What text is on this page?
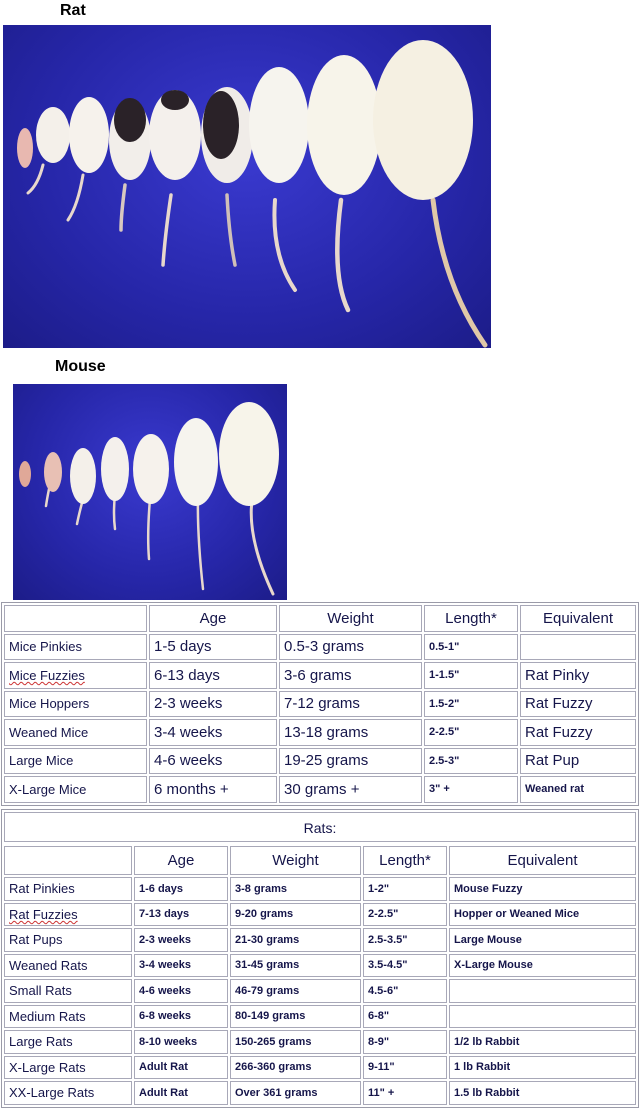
Rat
Mouse
	Age	Weight	Length*	Equivalent
Mice Pinkies	1-5 days	0.5-3 grams	0.5-1"	
Mice Fuzzies	6-13 days	3-6 grams	1-1.5"	Rat Pinky
Mice Hoppers	2-3 weeks	7-12 grams	1.5-2"	Rat Fuzzy
Weaned Mice	3-4 weeks	13-18 grams	2-2.5"	Rat Fuzzy
Large Mice	4-6 weeks	19-25 grams	2.5-3"	Rat Pup
X-Large Mice	6 months +	30 grams +	3" +	Weaned rat
Rats:
	Age	Weight	Length*	Equivalent
Rat Pinkies	1-6 days	3-8 grams	1-2"	Mouse Fuzzy
Rat Fuzzies	7-13 days	9-20 grams	2-2.5"	Hopper or Weaned Mice
Rat Pups	2-3 weeks	21-30 grams	2.5-3.5"	Large Mouse
Weaned Rats	3-4 weeks	31-45 grams	3.5-4.5"	X-Large Mouse
Small Rats	4-6 weeks	46-79 grams	4.5-6"	
Medium Rats	6-8 weeks	80-149 grams	6-8"	
Large Rats	8-10 weeks	150-265 grams	8-9"	1/2 lb Rabbit
X-Large Rats	Adult Rat	266-360 grams	9-11"	1 lb Rabbit
XX-Large Rats	Adult Rat	Over 361 grams	11" +	1.5 lb Rabbit
